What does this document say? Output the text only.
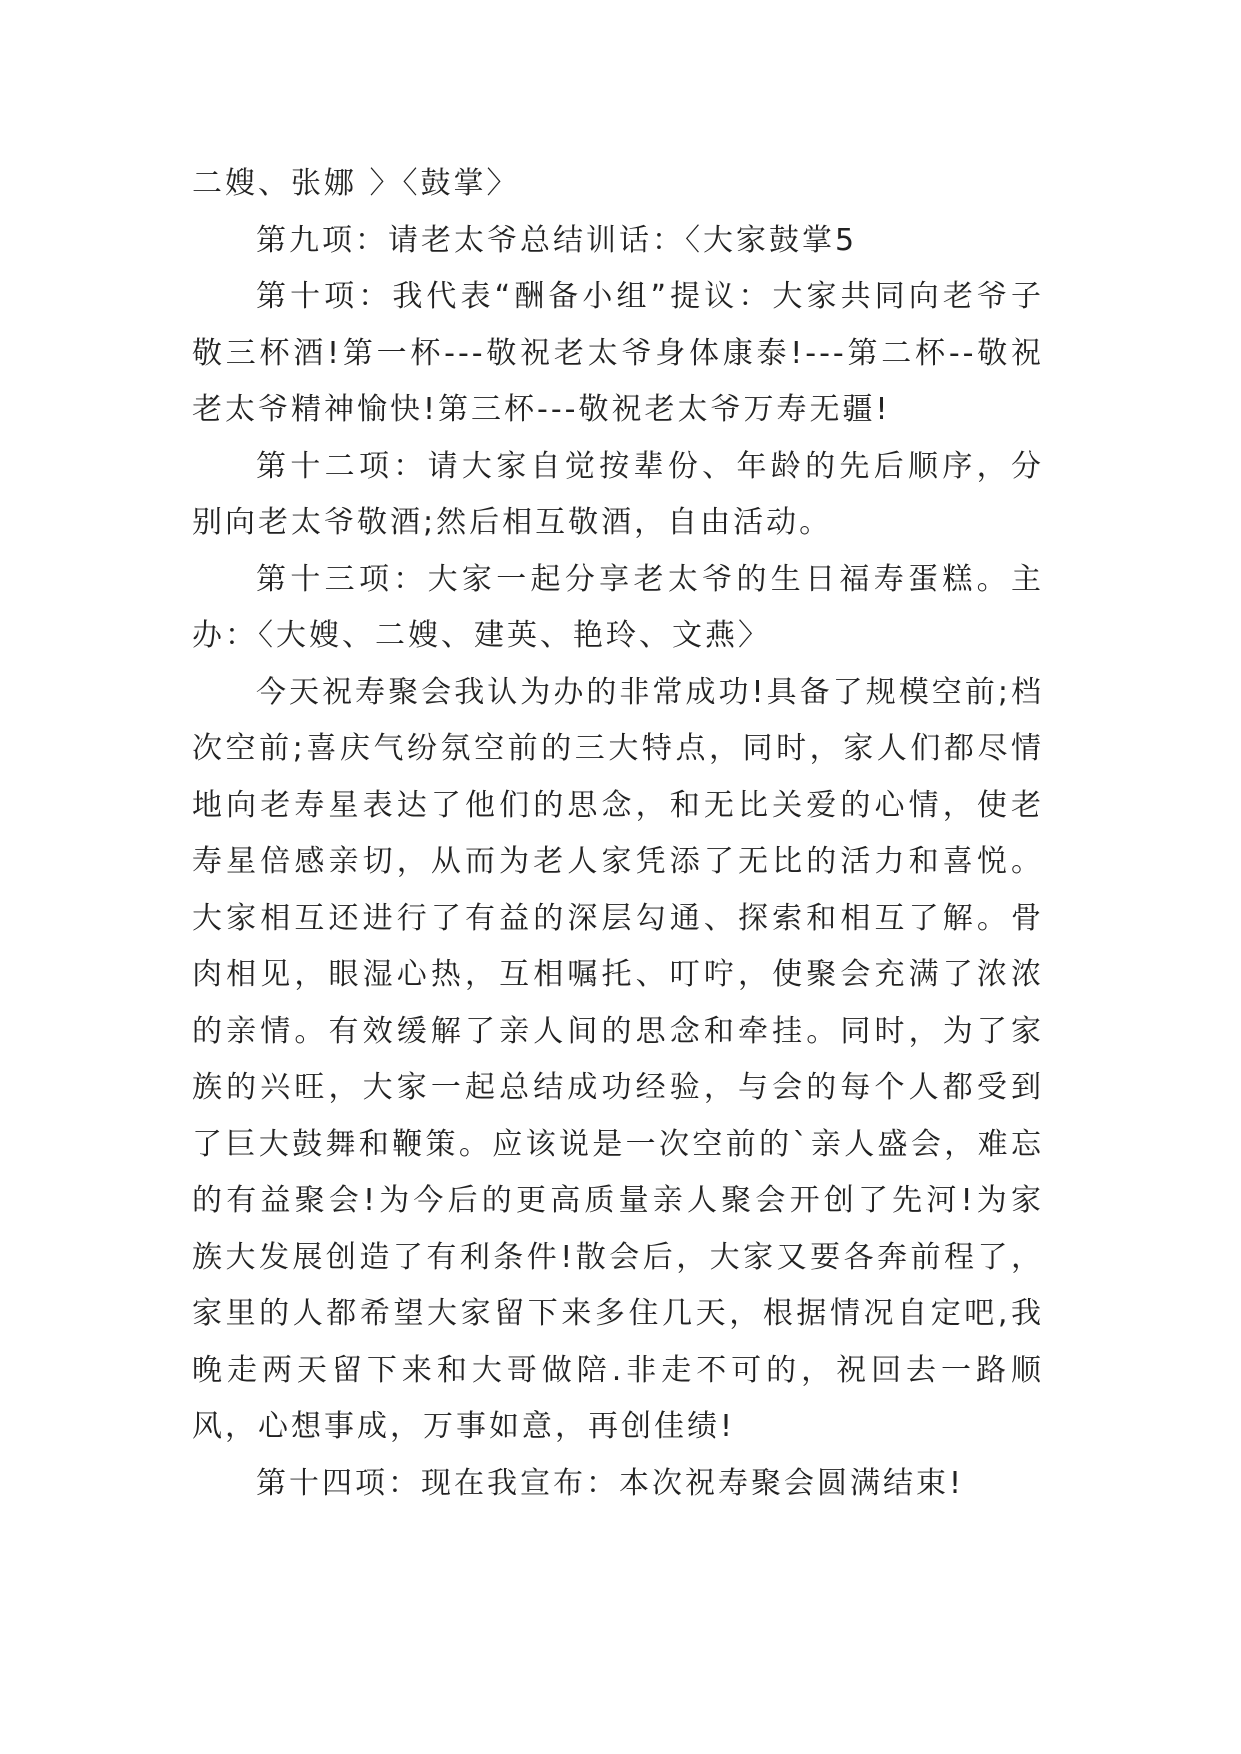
二嫂、张娜 〉〈鼓掌〉

第九项：请老太爷总结训话：〈大家鼓掌5

第十项：我代表“酬备小组”提议：大家共同向老爷子敬三杯酒!第一杯---敬祝老太爷身体康泰!---第二杯--敬祝老太爷精神愉快!第三杯---敬祝老太爷万寿无疆!

第十二项：请大家自觉按辈份、年龄的先后顺序，分别向老太爷敬酒;然后相互敬酒，自由活动。

第十三项：大家一起分享老太爷的生日福寿蛋糕。主办：〈大嫂、二嫂、建英、艳玲、文燕〉

今天祝寿聚会我认为办的非常成功!具备了规模空前;档次空前;喜庆气纷氛空前的三大特点，同时，家人们都尽情地向老寿星表达了他们的思念，和无比关爱的心情，使老寿星倍感亲切，从而为老人家凭添了无比的活力和喜悦。大家相互还进行了有益的深层勾通、探索和相互了解。骨肉相见，眼湿心热，互相嘱托、叮咛，使聚会充满了浓浓的亲情。有效缓解了亲人间的思念和牵挂。同时，为了家族的兴旺，大家一起总结成功经验，与会的每个人都受到了巨大鼓舞和鞭策。应该说是一次空前的`亲人盛会，难忘的有益聚会!为今后的更高质量亲人聚会开创了先河!为家族大发展创造了有利条件!散会后，大家又要各奔前程了，家里的人都希望大家留下来多住几天，根据情况自定吧,我晚走两天留下来和大哥做陪.非走不可的，祝回去一路顺风，心想事成，万事如意，再创佳绩!

第十四项：现在我宣布：本次祝寿聚会圆满结束!
